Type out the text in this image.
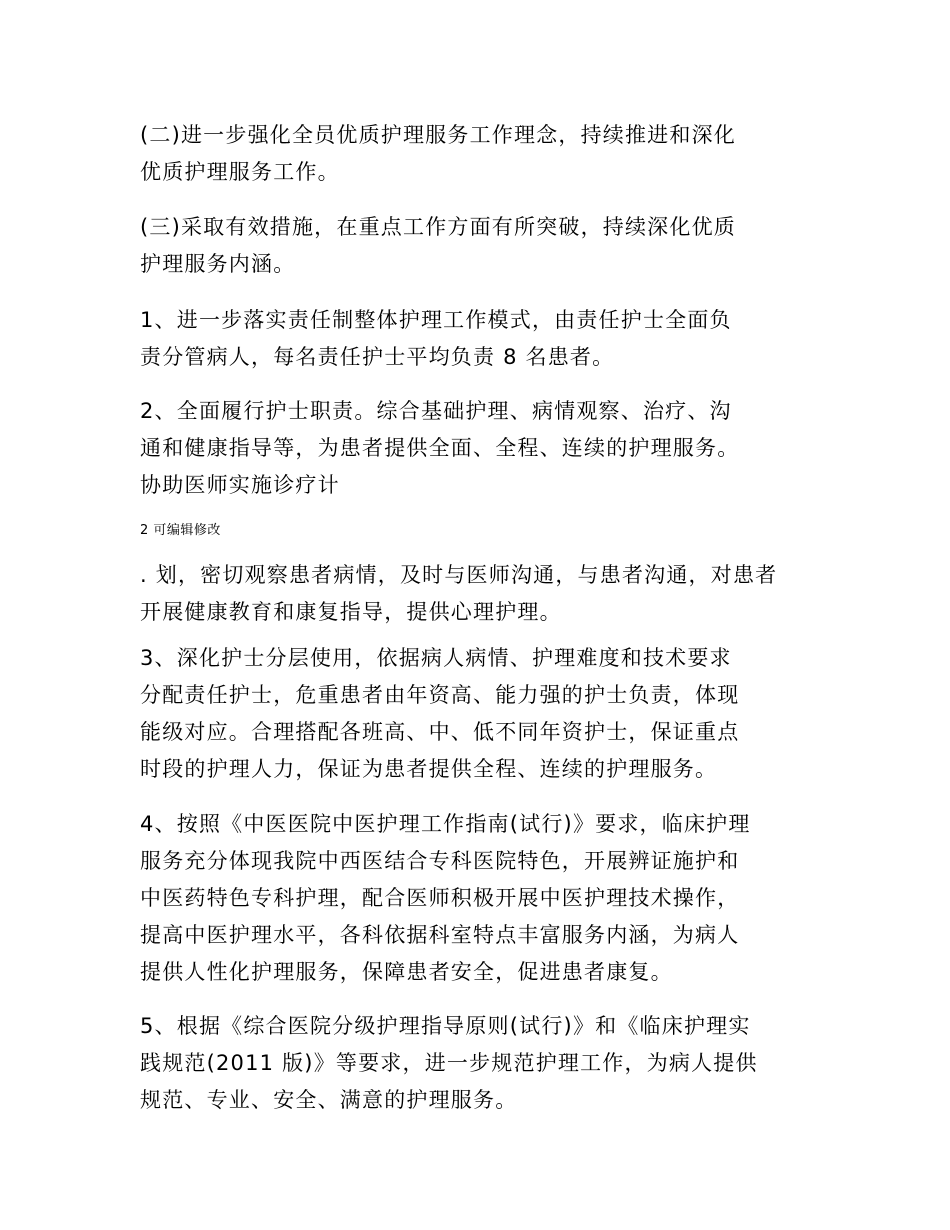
(二)进一步强化全员优质护理服务工作理念，持续推进和深化
优质护理服务工作。

(三)采取有效措施，在重点工作方面有所突破，持续深化优质
护理服务内涵。

1、进一步落实责任制整体护理工作模式，由责任护士全面负
责分管病人，每名责任护士平均负责 8 名患者。

2、全面履行护士职责。综合基础护理、病情观察、治疗、沟
通和健康指导等，为患者提供全面、全程、连续的护理服务。
协助医师实施诊疗计

2 可编辑修改

. 划，密切观察患者病情，及时与医师沟通，与患者沟通，对患者
开展健康教育和康复指导，提供心理护理。

3、深化护士分层使用，依据病人病情、护理难度和技术要求
分配责任护士，危重患者由年资高、能力强的护士负责，体现
能级对应。合理搭配各班高、中、低不同年资护士，保证重点
时段的护理人力，保证为患者提供全程、连续的护理服务。

4、按照《中医医院中医护理工作指南(试行)》要求，临床护理
服务充分体现我院中西医结合专科医院特色，开展辨证施护和
中医药特色专科护理，配合医师积极开展中医护理技术操作，
提高中医护理水平，各科依据科室特点丰富服务内涵，为病人
提供人性化护理服务，保障患者安全，促进患者康复。

5、根据《综合医院分级护理指导原则(试行)》和《临床护理实
践规范(2011 版)》等要求，进一步规范护理工作，为病人提供
规范、专业、安全、满意的护理服务。
